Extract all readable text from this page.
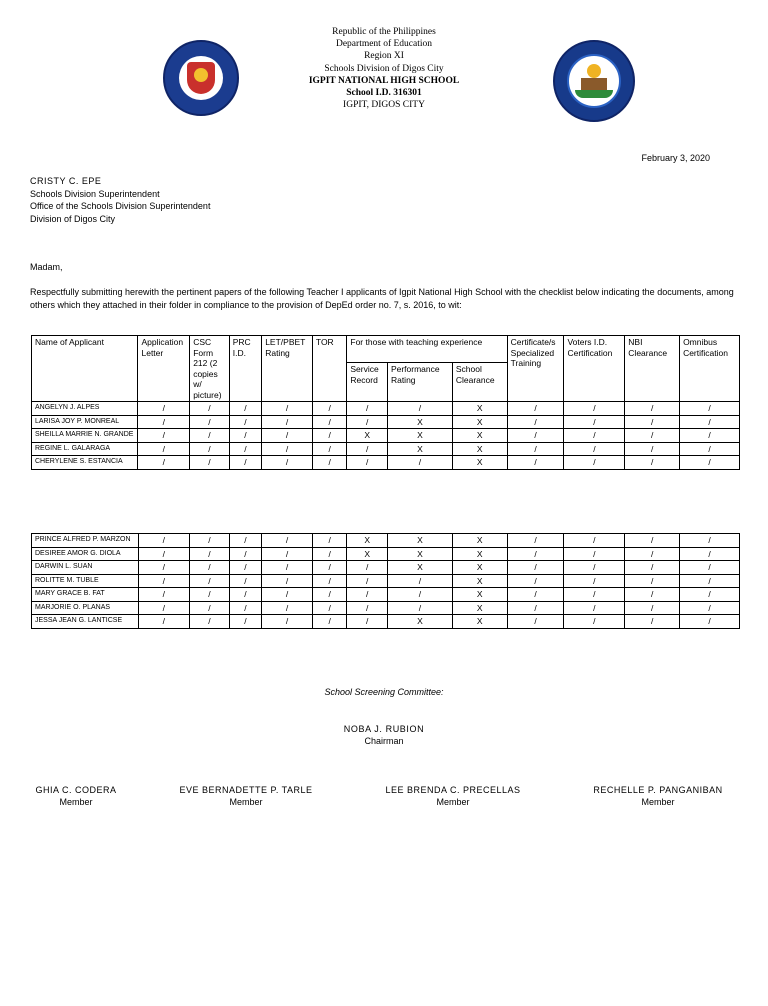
Republic of the Philippines
Department of Education
Region XI
Schools Division of Digos City
IGPIT NATIONAL HIGH SCHOOL
School I.D. 316301
IGPIT, DIGOS CITY
February 3, 2020
CRISTY C. EPE
Schools Division Superintendent
Office of the Schools Division Superintendent
Division of Digos City
Madam,
Respectfully submitting herewith the pertinent papers of the following Teacher I applicants of Igpit National High School with the checklist below indicating the documents, among others which they attached in their folder in compliance to the provision of DepEd order no. 7, s. 2016, to wit:
Name of Applicant	Application Letter	CSC Form 212 (2 copies w/ picture)	PRC I.D.	LET/PBET Rating	TOR	For those with teaching experience			Certificate/s Specialized Training	Voters I.D. Certification	NBI Clearance	Omnibus Certification
						Service Record	Performance Rating	School Clearance				
ANGELYN J. ALPES	/	/	/	/	/	/	/	X	/	/	/	/
LARISA JOY P. MONREAL	/	/	/	/	/	/	X	X	/	/	/	/
SHEILLA MARRIE N. GRANDE	/	/	/	/	/	X	X	X	/	/	/	/
REGINE L. GALARAGA	/	/	/	/	/	/	X	X	/	/	/	/
CHERYLENE S. ESTANCIA	/	/	/	/	/	/	/	X	/	/	/	/
PRINCE ALFRED P. MARZON	/	/	/	/	/	X	X	X	/	/	/	/
DESIREE AMOR G. DIOLA	/	/	/	/	/	X	X	X	/	/	/	/
DARWIN L. SUAN	/	/	/	/	/	/	X	X	/	/	/	/
ROLITTE M. TUBLE	/	/	/	/	/	/	/	X	/	/	/	/
MARY GRACE B. FAT	/	/	/	/	/	/	/	X	/	/	/	/
MARJORIE O. PLANAS	/	/	/	/	/	/	/	X	/	/	/	/
JESSA JEAN G. LANTICSE	/	/	/	/	/	/	X	X	/	/	/	/
School Screening Committee:
NOBA J. RUBION
Chairman
GHIA C. CODERA
Member
EVE BERNADETTE P. TARLE
Member
LEE BRENDA C. PRECELLAS
Member
RECHELLE P. PANGANIBAN
Member
